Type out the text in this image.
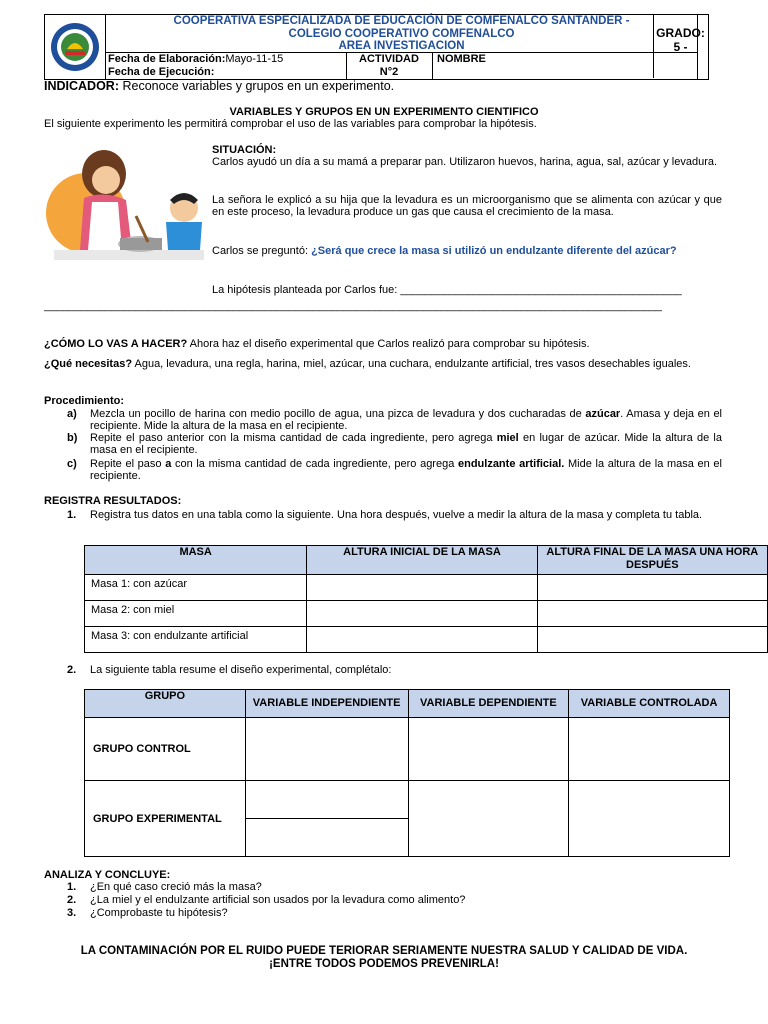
COOPERATIVA ESPECIALIZADA DE EDUCACIÓN DE COMFENALCO SANTANDER -
COLEGIO COOPERATIVO COMFENALCO
AREA INVESTIGACION
Fecha de Elaboración:Mayo-11-15
Fecha de Ejecución:
ACTIVIDAD
N°2
NOMBRE
GRADO:
5 -
INDICADOR: Reconoce variables y grupos en un experimento.
VARIABLES Y GRUPOS EN UN EXPERIMENTO CIENTIFICO
El siguiente experimento les permitirá comprobar el uso de las variables para comprobar la hipótesis.
SITUACIÓN:
Carlos ayudó un día a su mamá a preparar pan. Utilizaron huevos, harina, agua, sal, azúcar y levadura.
La señora le explicó a su hija que la levadura es un microorganismo que se alimenta con azúcar y que en este proceso, la levadura produce un gas que causa el crecimiento de la masa.
Carlos se preguntó: ¿Será que crece la masa si utilizó un endulzante diferente del azúcar?
La hipótesis planteada por Carlos fue: ______________________________________________
_____________________________________________________________________________________________________
¿CÓMO LO VAS A HACER? Ahora haz el diseño experimental que Carlos realizó para comprobar su hipótesis.
¿Qué necesitas? Agua, levadura, una regla, harina, miel, azúcar, una cuchara, endulzante artificial, tres vasos desechables iguales.
Procedimiento:
a) Mezcla un pocillo de harina con medio pocillo de agua, una pizca de levadura y dos cucharadas de azúcar. Amasa y deja en el recipiente. Mide la altura de la masa en el recipiente.
b) Repite el paso anterior con la misma cantidad de cada ingrediente, pero agrega miel en lugar de azúcar. Mide la altura de la masa en el recipiente.
c) Repite el paso a con la misma cantidad de cada ingrediente, pero agrega endulzante artificial. Mide la altura de la masa en el recipiente.
REGISTRA RESULTADOS:
1. Registra tus datos en una tabla como la siguiente. Una hora después, vuelve a medir la altura de la masa y completa tu tabla.
MASA	ALTURA INICIAL DE LA MASA	ALTURA FINAL DE LA MASA UNA HORA DESPUÉS
Masa 1: con azúcar		
Masa 2: con miel		
Masa 3: con endulzante artificial		
2. La siguiente tabla resume el diseño experimental, complétalo:
GRUPO	VARIABLE INDEPENDIENTE	VARIABLE DEPENDIENTE	VARIABLE CONTROLADA
GRUPO CONTROL			
GRUPO EXPERIMENTAL			

ANALIZA Y CONCLUYE:
1. ¿En qué caso creció más la masa?
2. ¿La miel y el endulzante artificial son usados por la levadura como alimento?
3. ¿Comprobaste tu hipótesis?
LA CONTAMINACIÓN POR EL RUIDO PUEDE TERIORAR SERIAMENTE NUESTRA SALUD Y CALIDAD DE VIDA.
¡ENTRE TODOS PODEMOS PREVENIRLA!
